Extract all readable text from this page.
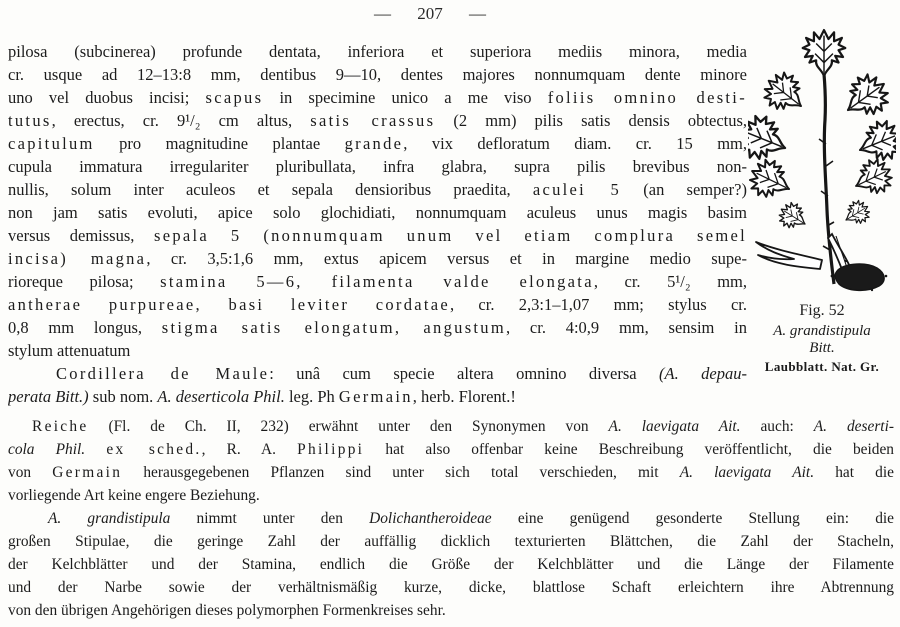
— 207 —
pilosa (subcinerea) profunde dentata, inferiora et superiora mediis minora, media
cr. usque ad 12–13:8 mm, dentibus 9—10, dentes majores nonnumquam dente minore
uno vel duobus incisi; scapus in specimine unico a me viso foliis omnino desti-
tutus, erectus, cr. 9¹/₂ cm altus, satis crassus (2 mm) pilis satis densis obtectus,
capitulum pro magnitudine plantae grande, vix defloratum diam. cr. 15 mm,
cupula immatura irregulariter pluribullata, infra glabra, supra pilis brevibus non-
nullis, solum inter aculeos et sepala densioribus praedita, aculei 5 (an semper?)
non jam satis evoluti, apice solo glochidiati, nonnumquam aculeus unus magis basim
versus demissus, sepala 5 (nonnumquam unum vel etiam complura semel
incisa) magna, cr. 3,5:1,6 mm, extus apicem versus et in margine medio supe-
rioreque pilosa; stamina 5—6, filamenta valde elongata, cr. 5¹/₂ mm,
antherae purpureae, basi leviter cordatae, cr. 2,3:1–1,07 mm; stylus cr.
0,8 mm longus, stigma satis elongatum, angustum, cr. 4:0,9 mm, sensim in
stylum attenuatum
Cordillera de Maule: unâ cum specie altera omnino diversa (A. depau-
perata Bitt.) sub nom. A. deserticola Phil. leg. Ph Germain, herb. Florent.!
Reiche (Fl. de Ch. II, 232) erwähnt unter den Synonymen von A. laevigata Ait. auch: A. deserti-
cola Phil. ex sched., R. A. Philippi hat also offenbar keine Beschreibung veröffentlicht, die beiden
von Germain herausgegebenen Pflanzen sind unter sich total verschieden, mit A. laevigata Ait. hat die
vorliegende Art keine engere Beziehung.
A. grandistipula nimmt unter den Dolichantheroideae eine genügend gesonderte Stellung ein: die
großen Stipulae, die geringe Zahl der auffällig dicklich texturierten Blättchen, die Zahl der Stacheln,
der Kelchblätter und der Stamina, endlich die Größe der Kelchblätter und die Länge der Filamente
und der Narbe sowie der verhältnismäßig kurze, dicke, blattlose Schaft erleichtern ihre Abtrennung
von den übrigen Angehörigen dieses polymorphen Formenkreises sehr.
Fig. 52
A. grandistipula
Bitt.
Laubblatt. Nat. Gr.
